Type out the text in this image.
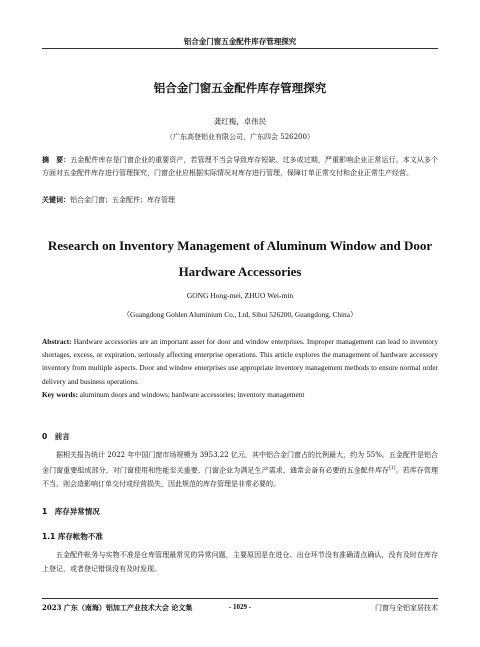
铝合金门窗五金配件库存管理探究
铝合金门窗五金配件库存管理探究
龚红梅，卓伟民
（广东高登铝业有限公司，广东四会 526200）
摘　要：五金配件库存是门窗企业的重要资产，若管理不当会导致库存短缺、过多或过期，严重影响企业正常运行。本文从多个方面对五金配件库存进行管理探究，门窗企业应根据实际情况对库存进行管理，保障订单正常交付和企业正常生产经营。
关键词：铝合金门窗；五金配件；库存管理
Research on Inventory Management of Aluminum Window and Door
Hardware Accessories
GONG Hong-mei, ZHUO Wei-min
（Guangdong Golden Aluminium Co., Ltd, Sihui 526200, Guangdong, China）
Abstract: Hardware accessories are an important asset for door and window enterprises. Improper management can lead to inventory shortages, excess, or expiration, seriously affecting enterprise operations. This article explores the management of hardware accessory inventory from multiple aspects. Door and window enterprises use appropriate inventory management methods to ensure normal order delivery and business operations.
Key words: aluminum doors and windows; hardware accessories; inventory management
0　前言
据相关报告统计 2022 年中国门窗市场规模为 3953.22 亿元，其中铝合金门窗占的比例最大，约为 55%。五金配件是铝合金门窗重要组成部分，对门窗使用和性能至关重要，门窗企业为满足生产需求，通常会备有必要的五金配件库存[1]。若库存管理不当，则会造影响订单交付或经营损失，因此规范的库存管理是非常必要的。
1　库存异常情况
1.1 库存帐物不准
五金配件帐务与实物不准是仓库管理最常见的异常问题，主要原因是在进仓、出仓环节没有准确清点确认，没有及时在库存上登记，或者登记错误没有及时发现。
2023 广东（南海）铝加工产业技术大会 论文集	- 1029 -	门窗与全铝家居技术
